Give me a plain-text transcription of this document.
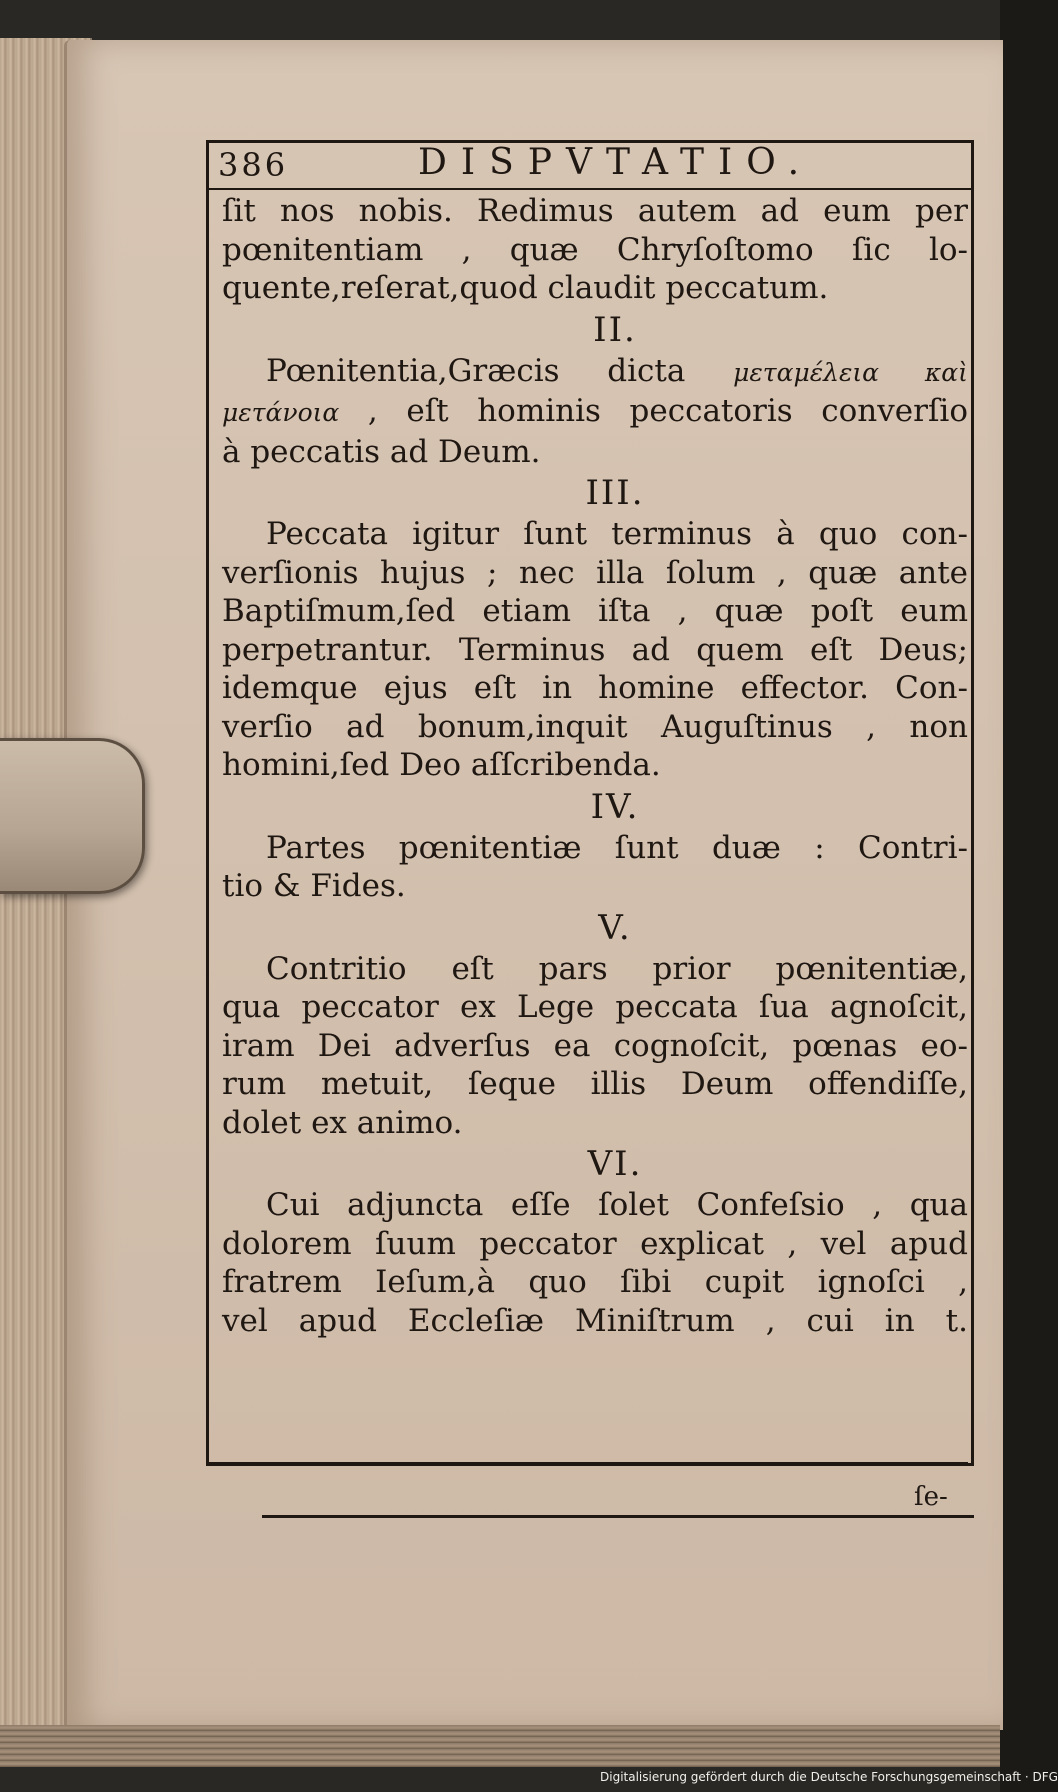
386	DISPVTATIO.
ſit nos nobis. Redimus autem ad eum per
pœnitentiam , quæ Chryſoſtomo ſic lo-
quente,reſerat,quod claudit peccatum.
II.
Pœnitentia,Græcis dicta μεταμέλεια καὶ
μετάνοια , eſt hominis peccatoris converſio
à peccatis ad Deum.
III.
Peccata igitur ſunt terminus à quo con-
verſionis hujus ; nec illa ſolum , quæ ante
Baptiſmum,ſed etiam iſta , quæ poſt eum
perpetrantur. Terminus ad quem eſt Deus;
idemque ejus eſt in homine effector. Con-
verſio ad bonum,inquit Auguſtinus , non
homini,ſed Deo aſſcribenda.
IV.
Partes pœnitentiæ ſunt duæ : Contri-
tio & Fides.
V.
Contritio eſt pars prior pœnitentiæ,
qua peccator ex Lege peccata ſua agnoſcit,
iram Dei adverſus ea cognoſcit, pœnas eo-
rum metuit, ſeque illis Deum offendiſſe,
dolet ex animo.
VI.
Cui adjuncta eſſe ſolet Confeſsio , qua
dolorem ſuum peccator explicat , vel apud
fratrem Ieſum,à quo ſibi cupit ignoſci ,
vel apud Eccleſiæ Miniſtrum , cui in t.
ſe-
Digitalisierung gefördert durch die Deutsche Forschungsgemeinschaft · DFG
